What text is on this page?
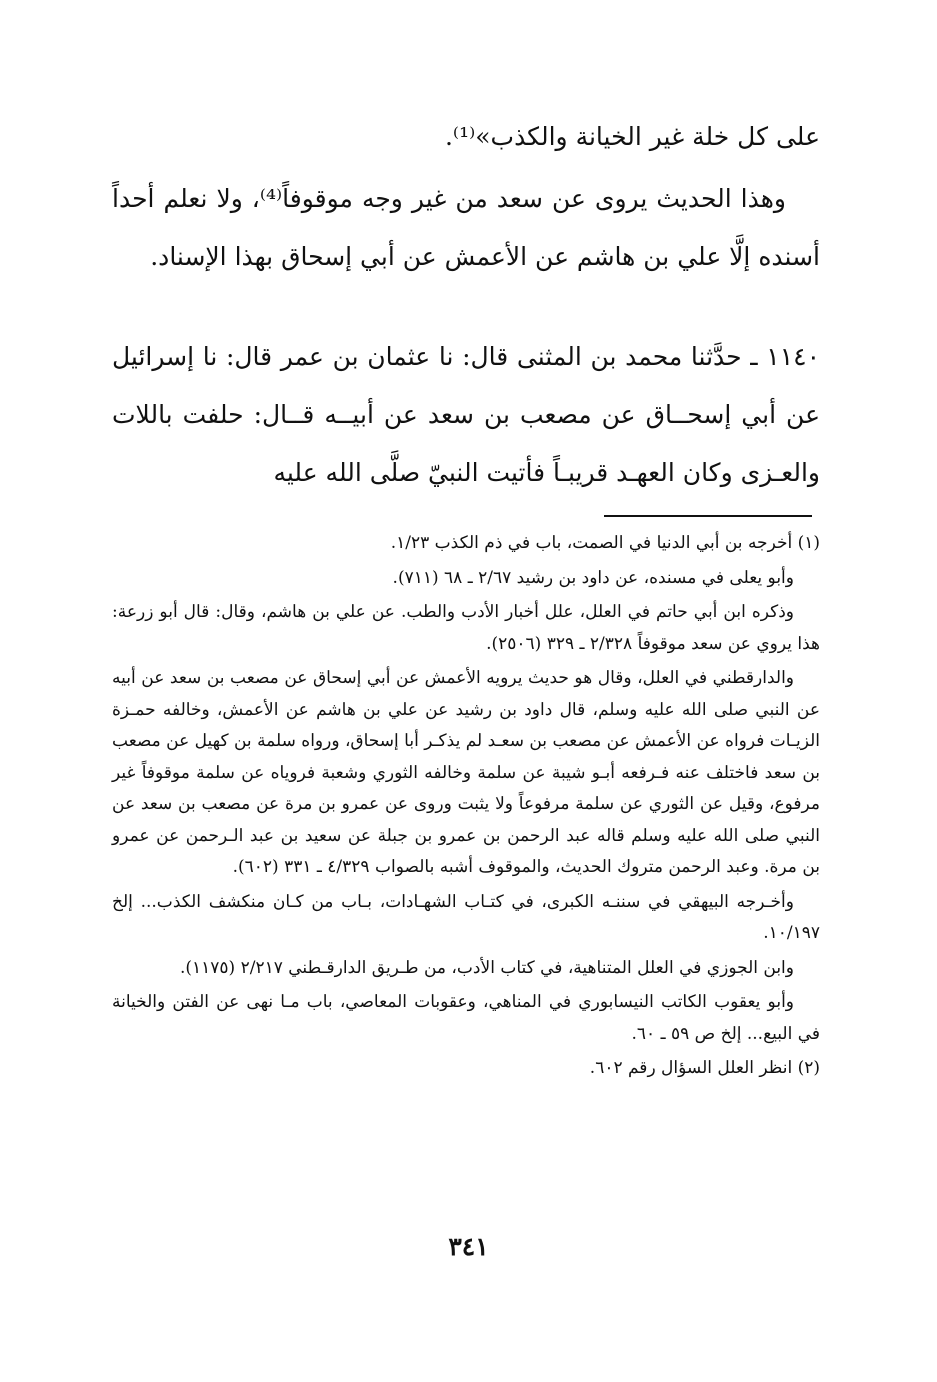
على كل خلة غير الخيانة والكذب»⁽¹⁾.

وهذا الحديث يروى عن سعد من غير وجه موقوفاً⁽⁴⁾، ولا نعلم أحداً أسنده إلَّا علي بن هاشم عن الأعمش عن أبي إسحاق بهذا الإسناد.

١١٤٠ ـ حدَّثنا محمد بن المثنى قال: نا عثمان بن عمر قال: نا إسرائيل عن أبي إسحــاق عن مصعب بن سعد عن أبيــه قــال: حلفت باللات والعـزى وكان العهـد قريبـاً فأتيت النبيّ صلَّى الله عليه

(١) أخرجه بن أبي الدنيا في الصمت، باب في ذم الكذب ١/٢٣.

وأبو يعلى في مسنده، عن داود بن رشيد ٢/٦٧ ـ ٦٨ (٧١١).

وذكره ابن أبي حاتم في العلل، علل أخبار الأدب والطب. عن علي بن هاشم، وقال: قال أبو زرعة: هذا يروي عن سعد موقوفاً ٢/٣٢٨ ـ ٣٢٩ (٢٥٠٦).

والدارقطني في العلل، وقال هو حديث يرويه الأعمش عن أبي إسحاق عن مصعب بن سعد عن أبيه عن النبي صلى الله عليه وسلم، قال داود بن رشيد عن علي بن هاشم عن الأعمش، وخالفه حمـزة الزيـات فرواه عن الأعمش عن مصعب بن سعـد لم يذكـر أبا إسحاق، ورواه سلمة بن كهيل عن مصعب بن سعد فاختلف عنه فـرفعه أبـو شيبة عن سلمة وخالفه الثوري وشعبة فروياه عن سلمة موقوفاً غير مرفوع، وقيل عن الثوري عن سلمة مرفوعاً ولا يثبت وروى عن عمرو بن مرة عن مصعب بن سعد عن النبي صلى الله عليه وسلم قاله عبد الرحمن بن عمرو بن جبلة عن سعيد بن عبد الـرحمن عن عمرو بن مرة. وعبد الرحمن متروك الحديث، والموقوف أشبه بالصواب ٤/٣٢٩ ـ ٣٣١ (٦٠٢).

وأخـرجه البيهقي في سننـه الكبرى، في كتـاب الشهـادات، بـاب من كـان منكشف الكذب... إلخ ١٠/١٩٧.

وابن الجوزي في العلل المتناهية، في كتاب الأدب، من طـريق الدارقـطني ٢/٢١٧ (١١٧٥).

وأبو يعقوب الكاتب النيسابوري في المناهي، وعقوبات المعاصي، باب مـا نهى عن الفتن والخيانة في البيع... إلخ ص ٥٩ ـ ٦٠.

(٢) انظر العلل السؤال رقم ٦٠٢.

٣٤١
